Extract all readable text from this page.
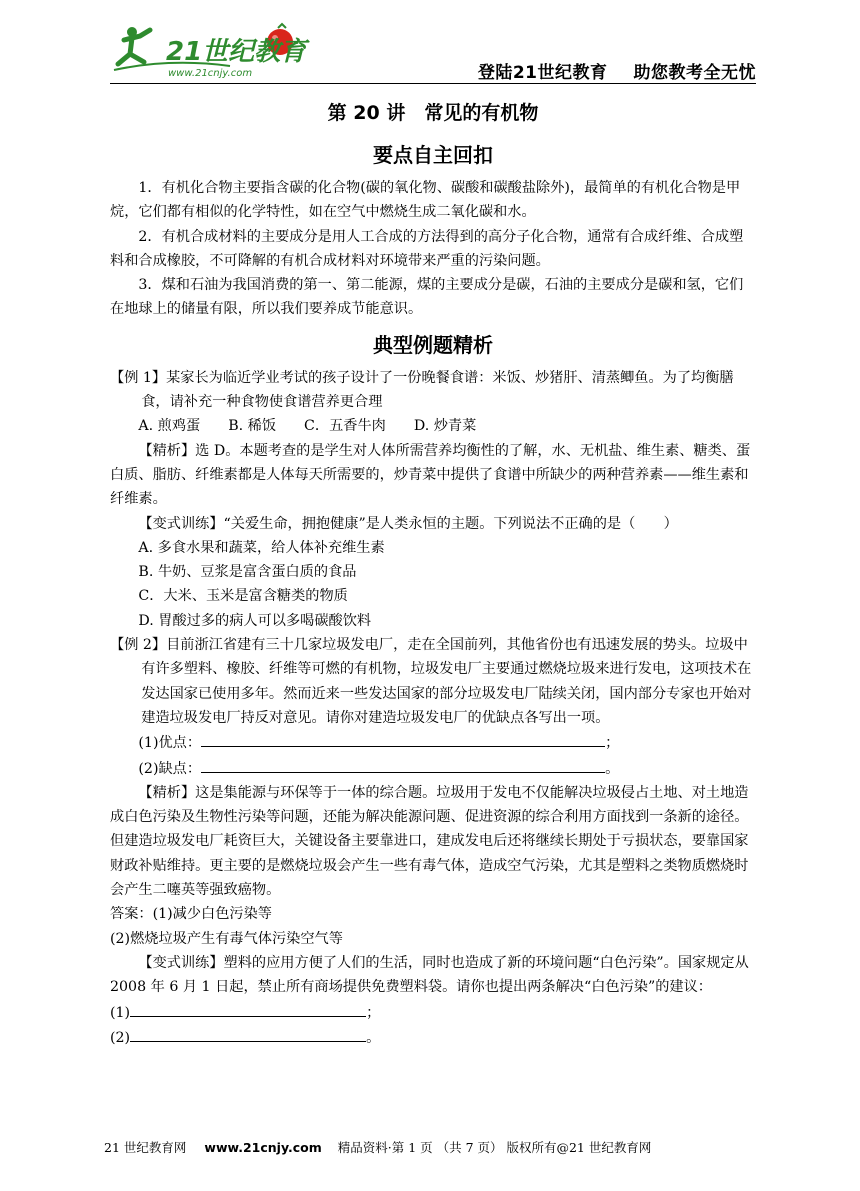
21世纪教育
www.21cnjy.com	登陆21世纪教育 助您教考全无忧
第 20 讲　常见的有机物
要点自主回扣

1．有机化合物主要指含碳的化合物(碳的氧化物、碳酸和碳酸盐除外)，最简单的有机化合物是甲烷，它们都有相似的化学特性，如在空气中燃烧生成二氧化碳和水。

2．有机合成材料的主要成分是用人工合成的方法得到的高分子化合物，通常有合成纤维、合成塑料和合成橡胶，不可降解的有机合成材料对环境带来严重的污染问题。

3．煤和石油为我国消费的第一、第二能源，煤的主要成分是碳，石油的主要成分是碳和氢，它们在地球上的储量有限，所以我们要养成节能意识。

典型例题精析

【例 1】某家长为临近学业考试的孩子设计了一份晚餐食谱：米饭、炒猪肝、清蒸鲫鱼。为了均衡膳食，请补充一种食物使食谱营养更合理

A. 煎鸡蛋 B. 稀饭 C．五香牛肉 D. 炒青菜

【精析】选 D。本题考查的是学生对人体所需营养均衡性的了解，水、无机盐、维生素、糖类、蛋白质、脂肪、纤维素都是人体每天所需要的，炒青菜中提供了食谱中所缺少的两种营养素——维生素和纤维素。

【变式训练】“关爱生命，拥抱健康”是人类永恒的主题。下列说法不正确的是（　　）

A. 多食水果和蔬菜，给人体补充维生素

B. 牛奶、豆浆是富含蛋白质的食品

C．大米、玉米是富含糖类的物质

D. 胃酸过多的病人可以多喝碳酸饮料

【例 2】目前浙江省建有三十几家垃圾发电厂，走在全国前列，其他省份也有迅速发展的势头。垃圾中有许多塑料、橡胶、纤维等可燃的有机物，垃圾发电厂主要通过燃烧垃圾来进行发电，这项技术在发达国家已使用多年。然而近来一些发达国家的部分垃圾发电厂陆续关闭，国内部分专家也开始对建造垃圾发电厂持反对意见。请你对建造垃圾发电厂的优缺点各写出一项。

(1)优点：	；

(2)缺点：	。

【精析】这是集能源与环保等于一体的综合题。垃圾用于发电不仅能解决垃圾侵占土地、对土地造成白色污染及生物性污染等问题，还能为解决能源问题、促进资源的综合利用方面找到一条新的途径。但建造垃圾发电厂耗资巨大，关键设备主要靠进口，建成发电后还将继续长期处于亏损状态，要靠国家财政补贴维持。更主要的是燃烧垃圾会产生一些有毒气体，造成空气污染，尤其是塑料之类物质燃烧时会产生二噻英等强致癌物。

答案：(1)减少白色污染等

(2)燃烧垃圾产生有毒气体污染空气等

【变式训练】塑料的应用方便了人们的生活，同时也造成了新的环境问题“白色污染”。国家规定从 2008 年 6 月 1 日起，禁止所有商场提供免费塑料袋。请你也提出两条解决“白色污染”的建议：

(1)	；

(2)	。

21 世纪教育网 www.21cnjy.com 精品资料·第 1 页 （共 7 页） 版权所有@21 世纪教育网
